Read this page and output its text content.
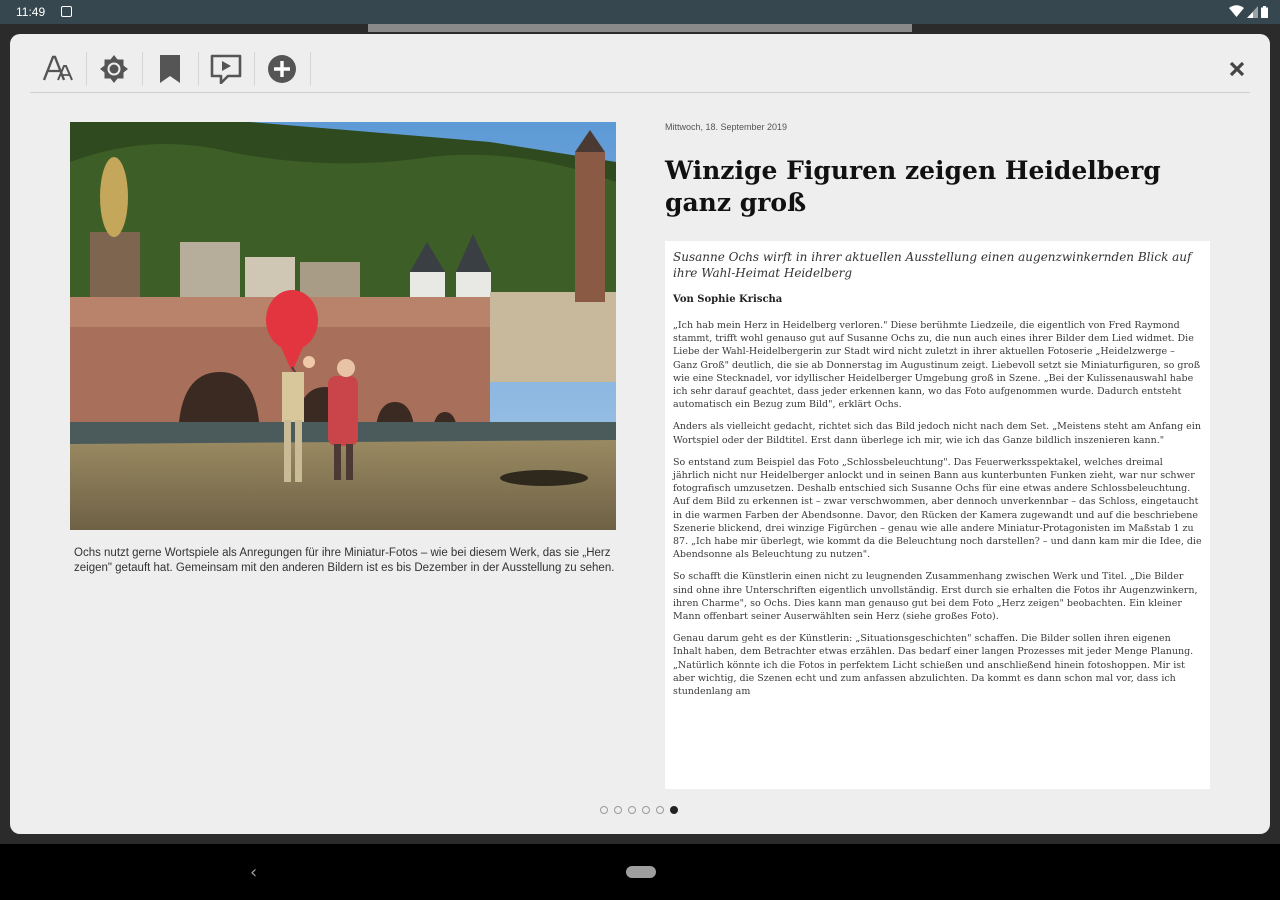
11:49

Ochs nutzt gerne Wortspiele als Anregungen für ihre Miniatur-Fotos – wie bei diesem Werk, das sie „Herz zeigen" getauft hat. Gemeinsam mit den anderen Bildern ist es bis Dezember in der Ausstellung zu sehen.

Mittwoch, 18. September 2019
Winzige Figuren zeigen Heidelberg ganz groß

Susanne Ochs wirft in ihrer aktuellen Ausstellung einen augenzwinkernden Blick auf ihre Wahl-Heimat Heidelberg

Von Sophie Krischa

„Ich hab mein Herz in Heidelberg verloren." Diese berühmte Liedzeile, die eigentlich von Fred Raymond stammt, trifft wohl genauso gut auf Susanne Ochs zu, die nun auch eines ihrer Bilder dem Lied widmet. Die Liebe der Wahl-Heidelbergerin zur Stadt wird nicht zuletzt in ihrer aktuellen Fotoserie „Heidelzwerge – Ganz Groß" deutlich, die sie ab Donnerstag im Augustinum zeigt. Liebevoll setzt sie Miniaturfiguren, so groß wie eine Stecknadel, vor idyllischer Heidelberger Umgebung groß in Szene. „Bei der Kulissenauswahl habe ich sehr darauf geachtet, dass jeder erkennen kann, wo das Foto aufgenommen wurde. Dadurch entsteht automatisch ein Bezug zum Bild", erklärt Ochs.

Anders als vielleicht gedacht, richtet sich das Bild jedoch nicht nach dem Set. „Meistens steht am Anfang ein Wortspiel oder der Bildtitel. Erst dann überlege ich mir, wie ich das Ganze bildlich inszenieren kann."

So entstand zum Beispiel das Foto „Schlossbeleuchtung". Das Feuerwerksspektakel, welches dreimal jährlich nicht nur Heidelberger anlockt und in seinen Bann aus kunterbunten Funken zieht, war nur schwer fotografisch umzusetzen. Deshalb entschied sich Susanne Ochs für eine etwas andere Schlossbeleuchtung. Auf dem Bild zu erkennen ist – zwar verschwommen, aber dennoch unverkennbar – das Schloss, eingetaucht in die warmen Farben der Abendsonne. Davor, den Rücken der Kamera zugewandt und auf die beschriebene Szenerie blickend, drei winzige Figürchen – genau wie alle andere Miniatur-Protagonisten im Maßstab 1 zu 87. „Ich habe mir überlegt, wie kommt da die Beleuchtung noch darstellen? – und dann kam mir die Idee, die Abendsonne als Beleuchtung zu nutzen".

So schafft die Künstlerin einen nicht zu leugnenden Zusammenhang zwischen Werk und Titel. „Die Bilder sind ohne ihre Unterschriften eigentlich unvollständig. Erst durch sie erhalten die Fotos ihr Augenzwinkern, ihren Charme", so Ochs. Dies kann man genauso gut bei dem Foto „Herz zeigen" beobachten. Ein kleiner Mann offenbart seiner Auserwählten sein Herz (siehe großes Foto).

Genau darum geht es der Künstlerin: „Situationsgeschichten" schaffen. Die Bilder sollen ihren eigenen Inhalt haben, dem Betrachter etwas erzählen. Das bedarf einer langen Prozesses mit jeder Menge Planung. „Natürlich könnte ich die Fotos in perfektem Licht schießen und anschließend hinein fotoshoppen. Mir ist aber wichtig, die Szenen echt und zum anfassen abzulichten. Da kommt es dann schon mal vor, dass ich stundenlang am

‹
